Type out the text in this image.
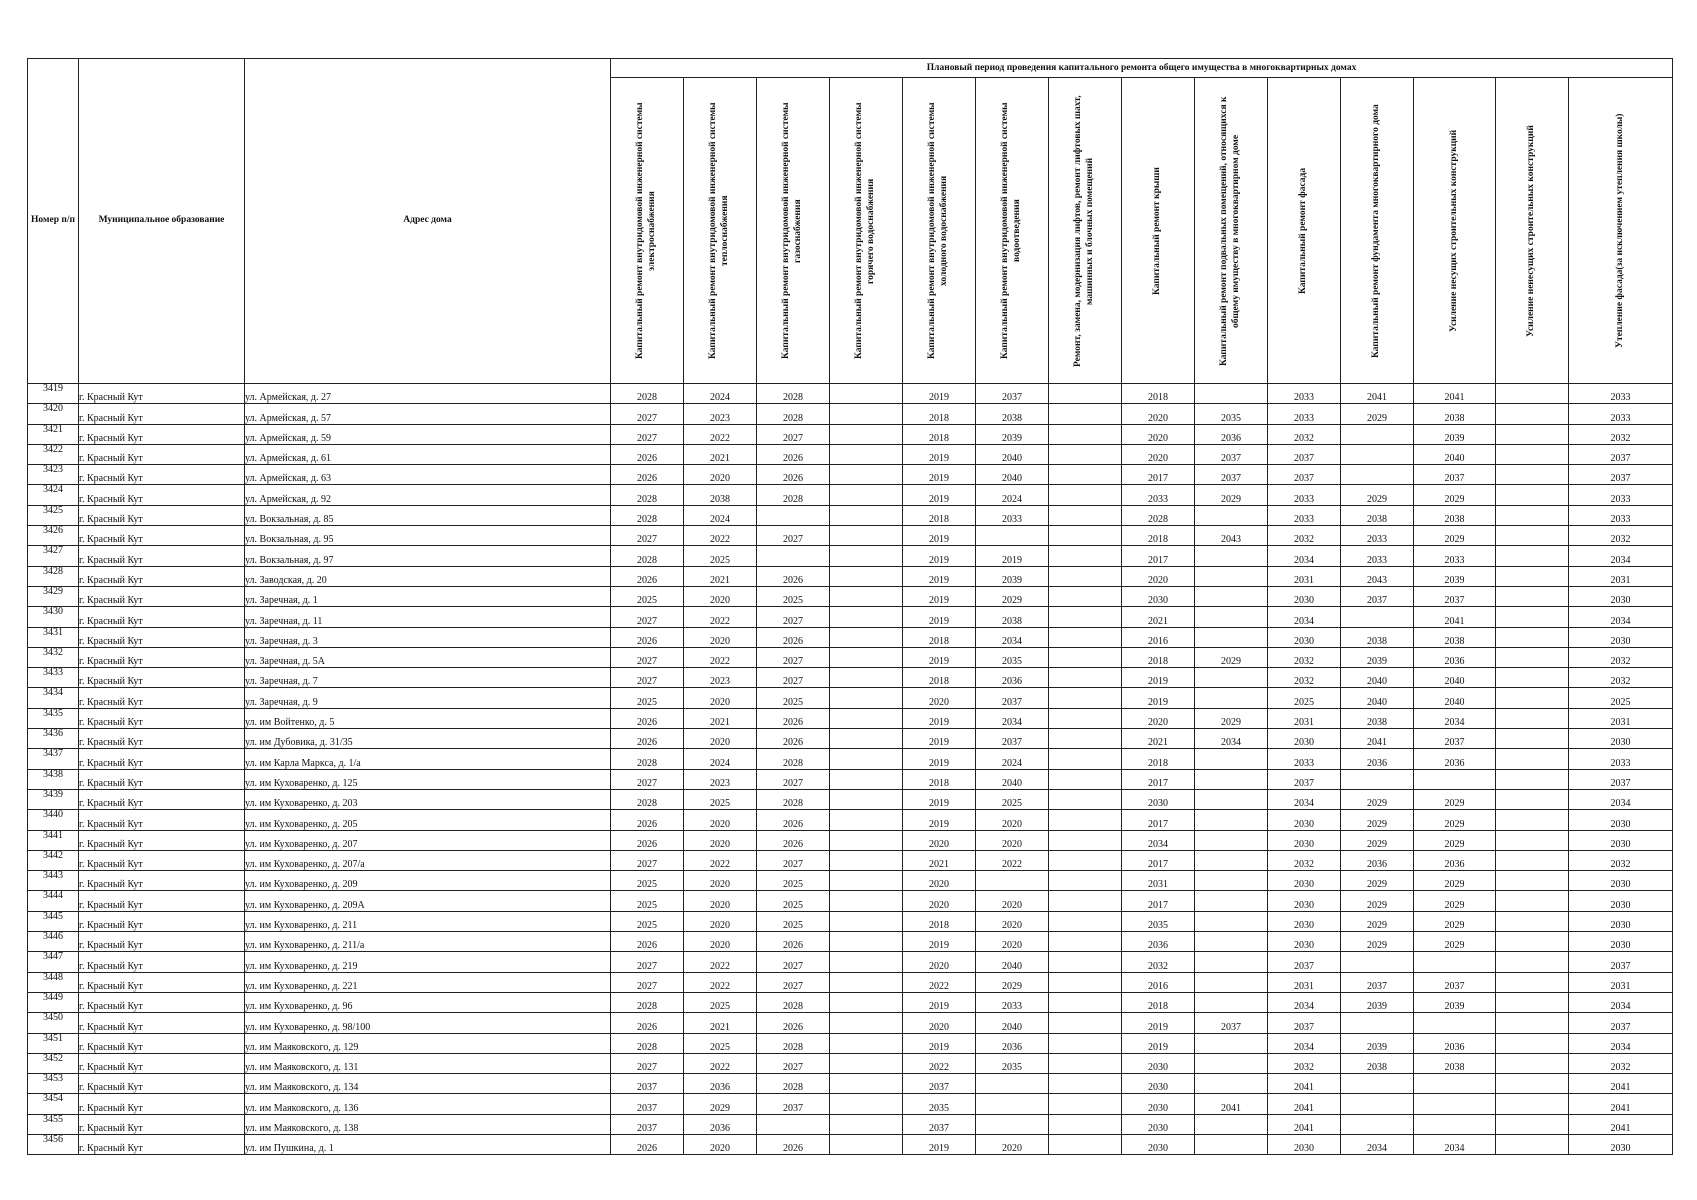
Номер п/п	Муниципальное образование	Адрес дома	Плановый период проведения капитального ремонта общего имущества в многоквартирных домах													

			Капитальный ремонт внутридомовой инженерной системы электроснабжения	Капитальный ремонт внутридомовой инженерной системы теплоснабжения	Капитальный ремонт внутридомовой инженерной системы газоснабжения	Капитальный ремонт внутридомовой инженерной системы горячего водоснабжения	Капитальный ремонт внутридомовой инженерной системы холодного водоснабжения	Капитальный ремонт внутридомовой инженерной системы водоотведения	Ремонт, замена, модернизация лифтов, ремонт лифтовых шахт, машинных и блочных помещений	Капитальный ремонт крыши	Капитальный ремонт подвальных помещений, относящихся к общему имуществу в многоквартирном доме	Капитальный ремонт фасада	Капитальный ремонт фундамента многоквартирного дома	Усиление несущих строительных конструкций	Усиление ненесущих строительных конструкций	Утепление фасада(за исключением утепления школы)

3419	г. Красный Кут	ул. Армейская, д. 27	2028	2024	2028		2019	2037		2018		2033	2041	2041		2033
3420	г. Красный Кут	ул. Армейская, д. 57	2027	2023	2028		2018	2038		2020	2035	2033	2029	2038		2033
3421	г. Красный Кут	ул. Армейская, д. 59	2027	2022	2027		2018	2039		2020	2036	2032		2039		2032
3422	г. Красный Кут	ул. Армейская, д. 61	2026	2021	2026		2019	2040		2020	2037	2037		2040		2037
3423	г. Красный Кут	ул. Армейская, д. 63	2026	2020	2026		2019	2040		2017	2037	2037		2037		2037
3424	г. Красный Кут	ул. Армейская, д. 92	2028	2038	2028		2019	2024		2033	2029	2033	2029	2029		2033
3425	г. Красный Кут	ул. Вокзальная, д. 85	2028	2024			2018	2033		2028		2033	2038	2038		2033
3426	г. Красный Кут	ул. Вокзальная, д. 95	2027	2022	2027		2019			2018	2043	2032	2033	2029		2032
3427	г. Красный Кут	ул. Вокзальная, д. 97	2028	2025			2019	2019		2017		2034	2033	2033		2034
3428	г. Красный Кут	ул. Заводская, д. 20	2026	2021	2026		2019	2039		2020		2031	2043	2039		2031
3429	г. Красный Кут	ул. Заречная, д. 1	2025	2020	2025		2019	2029		2030		2030	2037	2037		2030
3430	г. Красный Кут	ул. Заречная, д. 11	2027	2022	2027		2019	2038		2021		2034		2041		2034
3431	г. Красный Кут	ул. Заречная, д. 3	2026	2020	2026		2018	2034		2016		2030	2038	2038		2030
3432	г. Красный Кут	ул. Заречная, д. 5А	2027	2022	2027		2019	2035		2018	2029	2032	2039	2036		2032
3433	г. Красный Кут	ул. Заречная, д. 7	2027	2023	2027		2018	2036		2019		2032	2040	2040		2032
3434	г. Красный Кут	ул. Заречная, д. 9	2025	2020	2025		2020	2037		2019		2025	2040	2040		2025
3435	г. Красный Кут	ул. им Войтенко, д. 5	2026	2021	2026		2019	2034		2020	2029	2031	2038	2034		2031
3436	г. Красный Кут	ул. им Дубовика, д. 31/35	2026	2020	2026		2019	2037		2021	2034	2030	2041	2037		2030
3437	г. Красный Кут	ул. им Карла Маркса, д. 1/а	2028	2024	2028		2019	2024		2018		2033	2036	2036		2033
3438	г. Красный Кут	ул. им Куховаренко, д. 125	2027	2023	2027		2018	2040		2017		2037				2037
3439	г. Красный Кут	ул. им Куховаренко, д. 203	2028	2025	2028		2019	2025		2030		2034	2029	2029		2034
3440	г. Красный Кут	ул. им Куховаренко, д. 205	2026	2020	2026		2019	2020		2017		2030	2029	2029		2030
3441	г. Красный Кут	ул. им Куховаренко, д. 207	2026	2020	2026		2020	2020		2034		2030	2029	2029		2030
3442	г. Красный Кут	ул. им Куховаренко, д. 207/а	2027	2022	2027		2021	2022		2017		2032	2036	2036		2032
3443	г. Красный Кут	ул. им Куховаренко, д. 209	2025	2020	2025		2020			2031		2030	2029	2029		2030
3444	г. Красный Кут	ул. им Куховаренко, д. 209А	2025	2020	2025		2020	2020		2017		2030	2029	2029		2030
3445	г. Красный Кут	ул. им Куховаренко, д. 211	2025	2020	2025		2018	2020		2035		2030	2029	2029		2030
3446	г. Красный Кут	ул. им Куховаренко, д. 211/а	2026	2020	2026		2019	2020		2036		2030	2029	2029		2030
3447	г. Красный Кут	ул. им Куховаренко, д. 219	2027	2022	2027		2020	2040		2032		2037				2037
3448	г. Красный Кут	ул. им Куховаренко, д. 221	2027	2022	2027		2022	2029		2016		2031	2037	2037		2031
3449	г. Красный Кут	ул. им Куховаренко, д. 96	2028	2025	2028		2019	2033		2018		2034	2039	2039		2034
3450	г. Красный Кут	ул. им Куховаренко, д. 98/100	2026	2021	2026		2020	2040		2019	2037	2037				2037
3451	г. Красный Кут	ул. им Маяковского, д. 129	2028	2025	2028		2019	2036		2019		2034	2039	2036		2034
3452	г. Красный Кут	ул. им Маяковского, д. 131	2027	2022	2027		2022	2035		2030		2032	2038	2038		2032
3453	г. Красный Кут	ул. им Маяковского, д. 134	2037	2036	2028		2037			2030		2041				2041
3454	г. Красный Кут	ул. им Маяковского, д. 136	2037	2029	2037		2035			2030	2041	2041				2041
3455	г. Красный Кут	ул. им Маяковского, д. 138	2037	2036			2037			2030		2041				2041
3456	г. Красный Кут	ул. им Пушкина, д. 1	2026	2020	2026		2019	2020		2030		2030	2034	2034		2030
